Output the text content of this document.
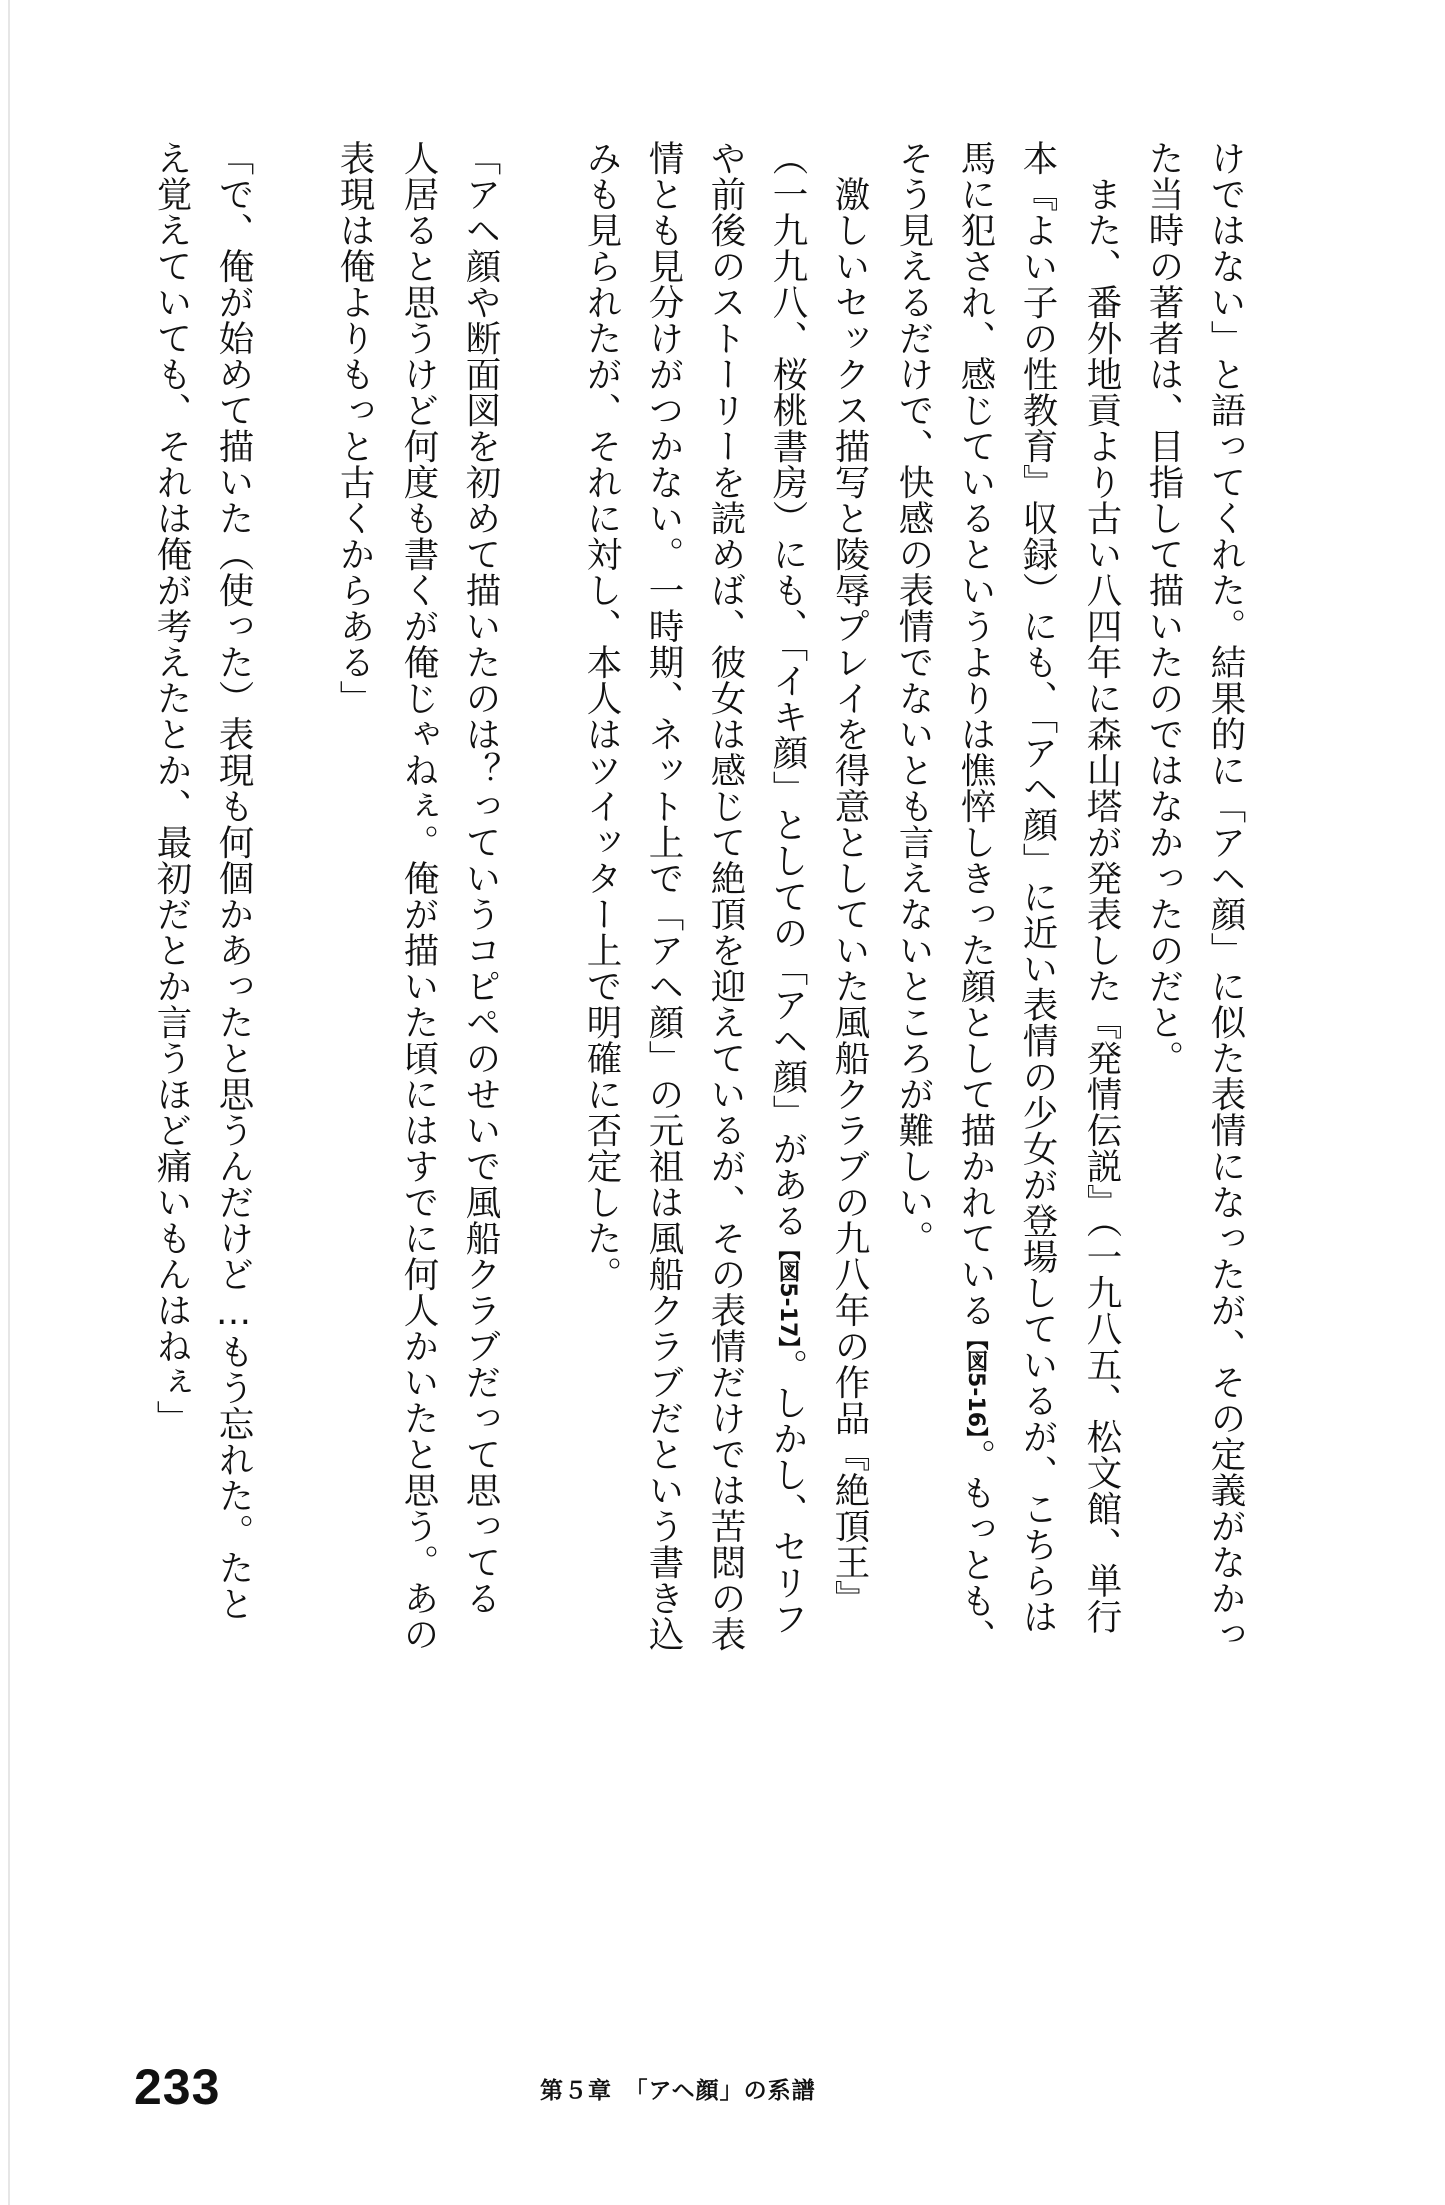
けではない」と語ってくれた。結果的に「アヘ顔」に似た表情になったが、その定義がなかっ
た当時の著者は、目指して描いたのではなかったのだと。
　また、番外地貢より古い八四年に森山塔が発表した『発情伝説』（一九八五、松文館、単行
本『よい子の性教育』収録）にも、「アヘ顔」に近い表情の少女が登場しているが、こちらは
馬に犯され、感じているというよりは憔悴しきった顔として描かれている【図5-16】。もっとも、
そう見えるだけで、快感の表情でないとも言えないところが難しい。
　激しいセックス描写と陵辱プレイを得意としていた風船クラブの九八年の作品『絶頂王』
（一九九八、桜桃書房）にも、「イキ顔」としての「アヘ顔」がある【図5-17】。しかし、セリフ
や前後のストーリーを読めば、彼女は感じて絶頂を迎えているが、その表情だけでは苦悶の表
情とも見分けがつかない。一時期、ネット上で「アヘ顔」の元祖は風船クラブだという書き込
みも見られたが、それに対し、本人はツイッター上で明確に否定した。
「アヘ顔や断面図を初めて描いたのは？っていうコピペのせいで風船クラブだって思ってる
人居ると思うけど何度も書くが俺じゃねぇ。俺が描いた頃にはすでに何人かいたと思う。あの
表現は俺よりもっと古くからある」
「で、俺が始めて描いた（使った）表現も何個かあったと思うんだけど…もう忘れた。たと
え覚えていても、それは俺が考えたとか、最初だとか言うほど痛いもんはねぇ」
233	第５章　「アヘ顔」の系譜
